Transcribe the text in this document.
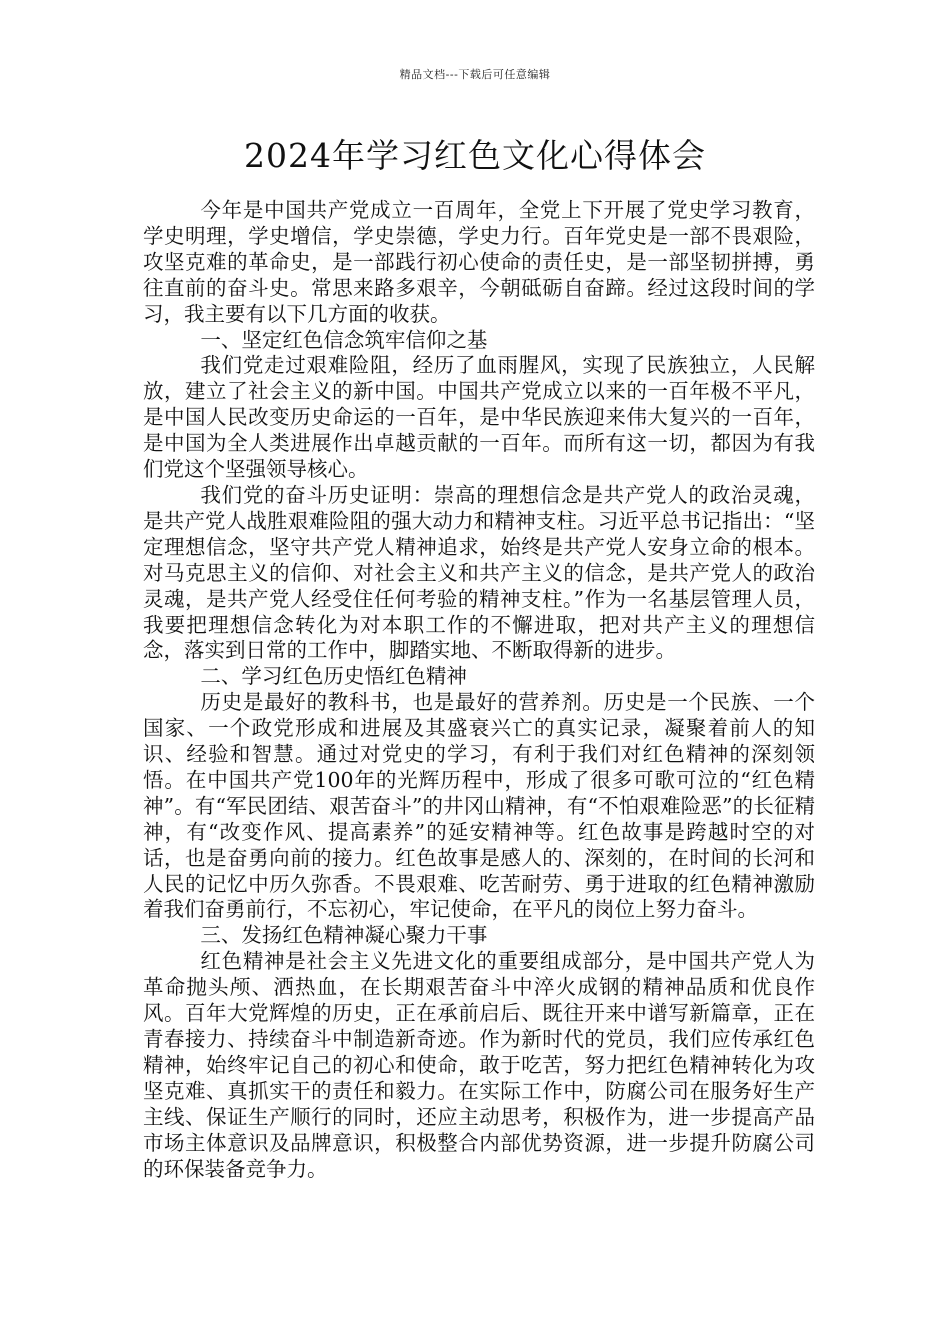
精品文档---下载后可任意编辑
2024年学习红色文化心得体会

今年是中国共产党成立一百周年，全党上下开展了党史学习教育，学史明理，学史增信，学史崇德，学史力行。百年党史是一部不畏艰险，攻坚克难的革命史，是一部践行初心使命的责任史，是一部坚韧拼搏，勇往直前的奋斗史。常思来路多艰辛，今朝砥砺自奋蹄。经过这段时间的学习，我主要有以下几方面的收获。

一、坚定红色信念筑牢信仰之基

我们党走过艰难险阻，经历了血雨腥风，实现了民族独立，人民解放，建立了社会主义的新中国。中国共产党成立以来的一百年极不平凡，是中国人民改变历史命运的一百年，是中华民族迎来伟大复兴的一百年，是中国为全人类进展作出卓越贡献的一百年。而所有这一切，都因为有我们党这个坚强领导核心。

我们党的奋斗历史证明：崇高的理想信念是共产党人的政治灵魂，是共产党人战胜艰难险阻的强大动力和精神支柱。习近平总书记指出：“坚定理想信念，坚守共产党人精神追求，始终是共产党人安身立命的根本。对马克思主义的信仰、对社会主义和共产主义的信念，是共产党人的政治灵魂，是共产党人经受住任何考验的精神支柱。”作为一名基层管理人员，我要把理想信念转化为对本职工作的不懈进取，把对共产主义的理想信念，落实到日常的工作中，脚踏实地、不断取得新的进步。

二、学习红色历史悟红色精神

历史是最好的教科书，也是最好的营养剂。历史是一个民族、一个国家、一个政党形成和进展及其盛衰兴亡的真实记录，凝聚着前人的知识、经验和智慧。通过对党史的学习，有利于我们对红色精神的深刻领悟。在中国共产党100年的光辉历程中，形成了很多可歌可泣的“红色精神”。有“军民团结、艰苦奋斗”的井冈山精神，有“不怕艰难险恶”的长征精神，有“改变作风、提高素养”的延安精神等。红色故事是跨越时空的对话，也是奋勇向前的接力。红色故事是感人的、深刻的，在时间的长河和人民的记忆中历久弥香。不畏艰难、吃苦耐劳、勇于进取的红色精神激励着我们奋勇前行，不忘初心，牢记使命，在平凡的岗位上努力奋斗。

三、发扬红色精神凝心聚力干事

红色精神是社会主义先进文化的重要组成部分，是中国共产党人为革命抛头颅、洒热血，在长期艰苦奋斗中淬火成钢的精神品质和优良作风。百年大党辉煌的历史，正在承前启后、既往开来中谱写新篇章，正在青春接力、持续奋斗中制造新奇迹。作为新时代的党员，我们应传承红色精神，始终牢记自己的初心和使命，敢于吃苦，努力把红色精神转化为攻坚克难、真抓实干的责任和毅力。在实际工作中，防腐公司在服务好生产主线、保证生产顺行的同时，还应主动思考，积极作为，进一步提高产品市场主体意识及品牌意识，积极整合内部优势资源，进一步提升防腐公司的环保装备竞争力。
